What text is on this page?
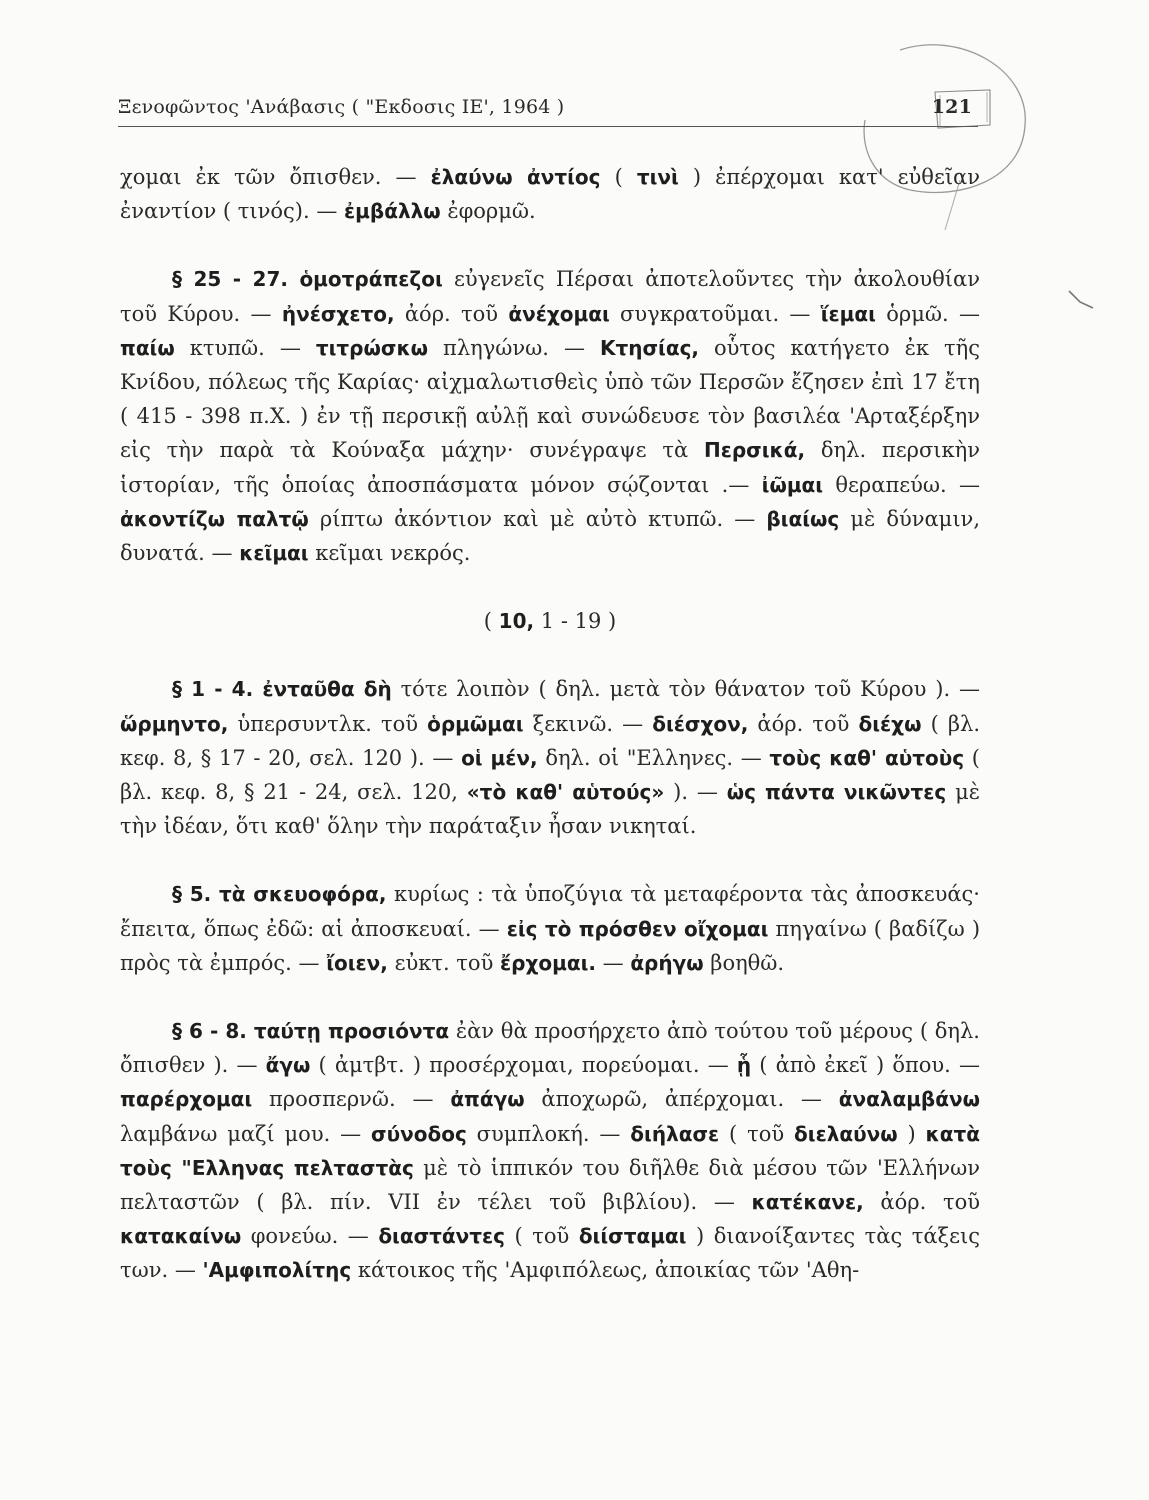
Ξενοφῶντος 'Ανάβασις ( "Εκδοσις ΙΕ', 1964 )	121

χομαι ἐκ τῶν ὄπισθεν. — ἐλαύνω ἀντίος ( τινὶ ) ἐπέρχομαι κατ' εὐθεῖαν ἐναντίον ( τινός). — ἐμβάλλω ἐφορμῶ.

§ 25 - 27. ὁμοτράπεζοι εὐγενεῖς Πέρσαι ἀποτελοῦντες τὴν ἀκολουθίαν τοῦ Κύρου. — ἠνέσχετο, ἀόρ. τοῦ ἀνέχομαι συγκρατοῦμαι. — ἵεμαι ὁρμῶ. — παίω κτυπῶ. — τιτρώσκω πληγώνω. — Κτησίας, οὗτος κατήγετο ἐκ τῆς Κνίδου, πόλεως τῆς Καρίας· αἰχμαλωτισθεὶς ὑπὸ τῶν Περσῶν ἔζησεν ἐπὶ 17 ἔτη ( 415 - 398 π.Χ. ) ἐν τῇ περσικῇ αὐλῇ καὶ συνώδευσε τὸν βασιλέα 'Αρταξέρξην εἰς τὴν παρὰ τὰ Κούναξα μάχην· συνέγραψε τὰ Περσικά, δηλ. περσικὴν ἱστορίαν, τῆς ὁποίας ἀποσπάσματα μόνον σῴζονται .— ἰῶμαι θεραπεύω. — ἀκοντίζω παλτῷ ρίπτω ἀκόντιον καὶ μὲ αὐτὸ κτυπῶ. — βιαίως μὲ δύναμιν, δυνατά. — κεῖμαι κεῖμαι νεκρός.

( 10, 1 - 19 )

§ 1 - 4. ἐνταῦθα δὴ τότε λοιπὸν ( δηλ. μετὰ τὸν θάνατον τοῦ Κύρου ). — ὥρμηντο, ὑπερσυντλκ. τοῦ ὁρμῶμαι ξεκινῶ. — διέσχον, ἀόρ. τοῦ διέχω ( βλ. κεφ. 8, § 17 - 20, σελ. 120 ). — οἱ μέν, δηλ. οἱ "Ελληνες. — τοὺς καθ' αὑτοὺς ( βλ. κεφ. 8, § 21 - 24, σελ. 120, «τὸ καθ' αὑτούς» ). — ὡς πάντα νικῶντες μὲ τὴν ἰδέαν, ὅτι καθ' ὅλην τὴν παράταξιν ἦσαν νικηταί.

§ 5. τὰ σκευοφόρα, κυρίως : τὰ ὑποζύγια τὰ μεταφέροντα τὰς ἀποσκευάς· ἔπειτα, ὅπως ἐδῶ: αἱ ἀποσκευαί. — εἰς τὸ πρόσθεν οἴχομαι πηγαίνω ( βαδίζω ) πρὸς τὰ ἐμπρός. — ἴοιεν, εὐκτ. τοῦ ἔρχομαι. — ἀρήγω βοηθῶ.

§ 6 - 8. ταύτῃ προσιόντα ἐὰν θὰ προσήρχετο ἀπὸ τούτου τοῦ μέρους ( δηλ. ὄπισθεν ). — ἄγω ( ἀμτβτ. ) προσέρχομαι, πορεύομαι. — ᾗ ( ἀπὸ ἐκεῖ ) ὅπου. — παρέρχομαι προσπερνῶ. — ἀπάγω ἀποχωρῶ, ἀπέρχομαι. — ἀναλαμβάνω λαμβάνω μαζί μου. — σύνοδος συμπλοκή. — διήλασε ( τοῦ διελαύνω ) κατὰ τοὺς "Ελληνας πελταστὰς μὲ τὸ ἱππικόν του διῆλθε διὰ μέσου τῶν 'Ελλήνων πελταστῶν ( βλ. πίν. VII ἐν τέλει τοῦ βιβλίου). — κατέκανε, ἀόρ. τοῦ κατακαίνω φονεύω. — διαστάντες ( τοῦ διίσταμαι ) διανοίξαντες τὰς τάξεις των. — 'Αμφιπολίτης κάτοικος τῆς 'Αμφιπόλεως, ἀποικίας τῶν 'Αθη-
